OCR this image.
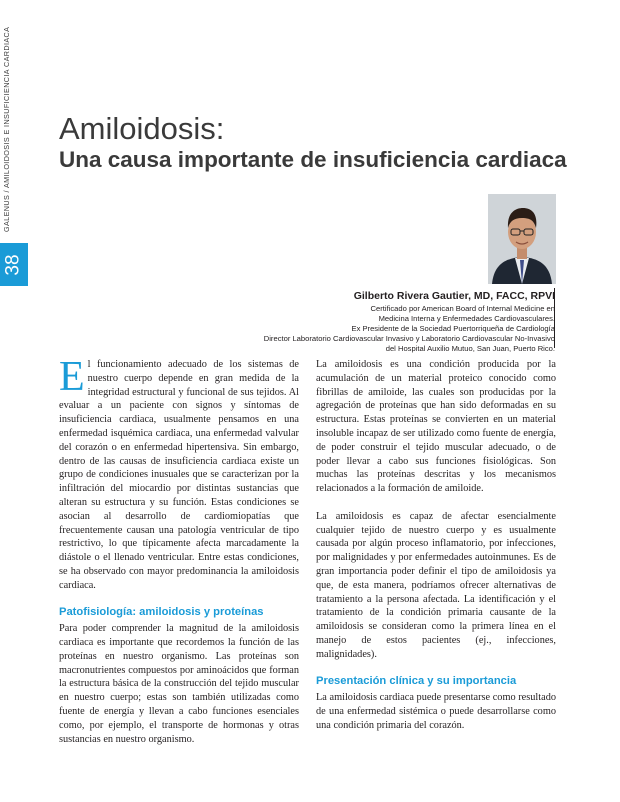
GALENUS / AMILOIDOSIS E INSUFICIENCIA CARDIACA
38
Amiloidosis:
Una causa importante de insuficiencia cardiaca
Gilberto Rivera Gautier, MD, FACC, RPVI
Certificado por American Board of Internal Medicine en
Medicina Interna y Enfermedades Cardiovasculares.
Ex Presidente de la Sociedad Puertorriqueña de Cardiología
Director Laboratorio Cardiovascular Invasivo y Laboratorio Cardiovascular No-Invasivo
del Hospital Auxilio Mutuo, San Juan, Puerto Rico.

El funcionamiento adecuado de los sistemas de nuestro cuerpo depende en gran medida de la integridad estructural y funcional de sus tejidos. Al evaluar a un paciente con signos y síntomas de insuficiencia cardiaca, usualmente pensamos en una enfermedad isquémica cardiaca, una enfermedad valvular del corazón o en enfermedad hipertensiva. Sin embargo, dentro de las causas de insuficiencia cardiaca existe un grupo de condiciones inusuales que se caracterizan por la infiltración del miocardio por distintas sustancias que alteran su estructura y su función. Estas condiciones se asocian al desarrollo de cardiomiopatías que frecuentemente causan una patología ventricular de tipo restrictivo, lo que típicamente afecta marcadamente la diástole o el llenado ventricular. Entre estas condiciones, se ha observado con mayor predominancia la amiloidosis cardiaca.

Patofisiología: amiloidosis y proteínas

Para poder comprender la magnitud de la amiloidosis cardiaca es importante que recordemos la función de las proteínas en nuestro organismo. Las proteínas son macronutrientes compuestos por aminoácidos que forman la estructura básica de la construcción del tejido muscular en nuestro cuerpo; estas son también utilizadas como fuente de energía y llevan a cabo funciones esenciales como, por ejemplo, el transporte de hormonas y otras sustancias en nuestro organismo.

La amiloidosis es una condición producida por la acumulación de un material proteico conocido como fibrillas de amiloide, las cuales son producidas por la agregación de proteínas que han sido deformadas en su estructura. Estas proteínas se convierten en un material insoluble incapaz de ser utilizado como fuente de energía, de poder construir el tejido muscular adecuado, o de poder llevar a cabo sus funciones fisiológicas. Son muchas las proteínas descritas y los mecanismos relacionados a la formación de amiloide.

La amiloidosis es capaz de afectar esencialmente cualquier tejido de nuestro cuerpo y es usualmente causada por algún proceso inflamatorio, por infecciones, por malignidades y por enfermedades autoinmunes. Es de gran importancia poder definir el tipo de amiloidosis ya que, de esta manera, podríamos ofrecer alternativas de tratamiento a la persona afectada. La identificación y el tratamiento de la condición primaria causante de la amiloidosis se consideran como la primera línea en el manejo de estos pacientes (ej., infecciones, malignidades).

Presentación clínica y su importancia

La amiloidosis cardiaca puede presentarse como resultado de una enfermedad sistémica o puede desarrollarse como una condición primaria del corazón.
